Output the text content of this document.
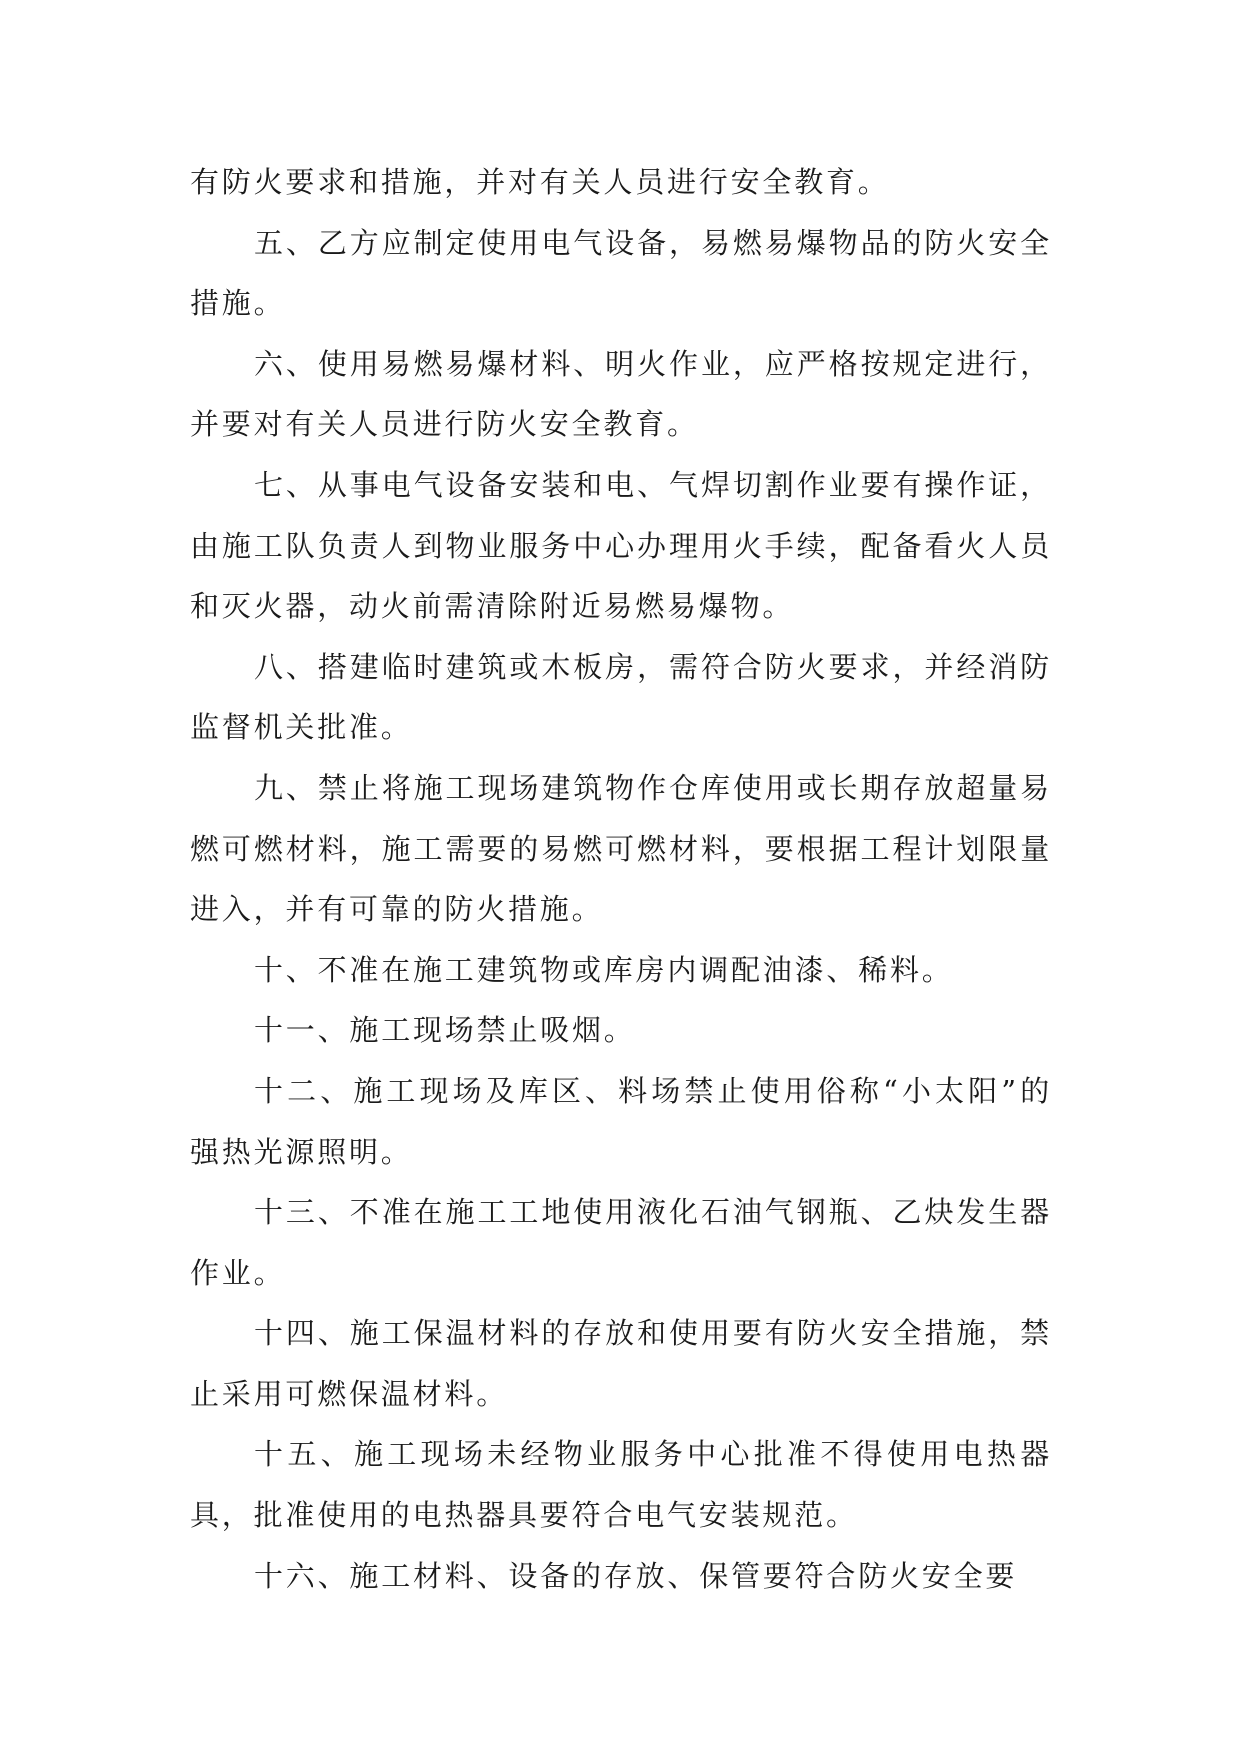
有防火要求和措施，并对有关人员进行安全教育。

五、乙方应制定使用电气设备，易燃易爆物品的防火安全措施。

六、使用易燃易爆材料、明火作业，应严格按规定进行，并要对有关人员进行防火安全教育。

七、从事电气设备安装和电、气焊切割作业要有操作证，由施工队负责人到物业服务中心办理用火手续，配备看火人员和灭火器，动火前需清除附近易燃易爆物。

八、搭建临时建筑或木板房，需符合防火要求，并经消防监督机关批准。

九、禁止将施工现场建筑物作仓库使用或长期存放超量易燃可燃材料，施工需要的易燃可燃材料，要根据工程计划限量进入，并有可靠的防火措施。

十、不准在施工建筑物或库房内调配油漆、稀料。

十一、施工现场禁止吸烟。

十二、施工现场及库区、料场禁止使用俗称“小太阳”的强热光源照明。

十三、不准在施工工地使用液化石油气钢瓶、乙炔发生器作业。

十四、施工保温材料的存放和使用要有防火安全措施，禁止采用可燃保温材料。

十五、施工现场未经物业服务中心批准不得使用电热器具，批准使用的电热器具要符合电气安装规范。

十六、施工材料、设备的存放、保管要符合防火安全要
